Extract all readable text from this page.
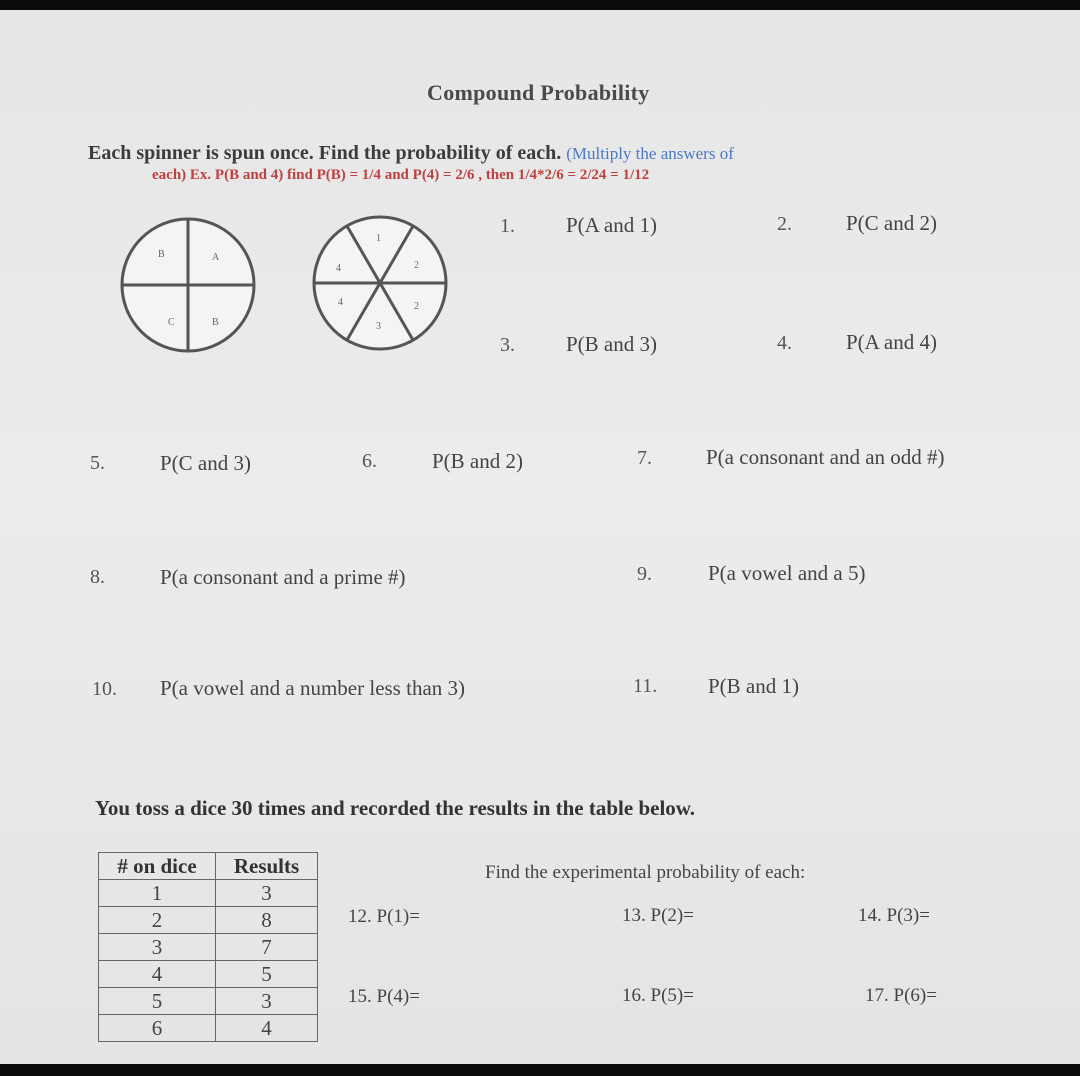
Compound Probability
Each spinner is spun once. Find the probability of each. (Multiply the answers of
each) Ex. P(B and 4) find P(B) = 1/4 and P(4) = 2/6 , then 1/4*2/6 = 2/24 = 1/12
B	A
C	B
1
2
2
3
4
4
1. P(A and 1)	2.	P(C and 2)
3. P(B and 3)	4.	P(A and 4)
5.	P(C and 3)	6.	P(B and 2)	7.	P(a consonant and an odd #)
8.	P(a consonant and a prime #)	9.	P(a vowel and a 5)
10. P(a vowel and a number less than 3)	11. P(B and 1)
You toss a dice 30 times and recorded the results in the table below.
Find the experimental probability of each:
# on dice	Results
1	3
2	8
3	7
4	5
5	3
6	4
12. P(1)=	13. P(2)=	14. P(3)=
15. P(4)=	16. P(5)=	17. P(6)=
